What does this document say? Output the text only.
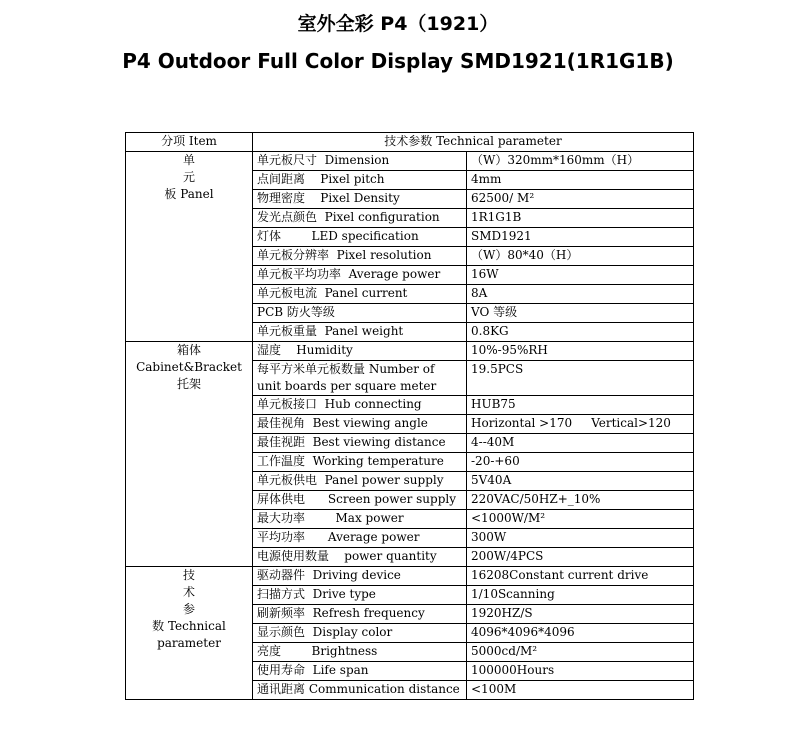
室外全彩 P4（1921）
P4 Outdoor Full Color Display SMD1921(1R1G1B)
分项 Item	技术参数 Technical parameter	

单
元
板 Panel	单元板尺寸  Dimension	（W）320mm*160mm（H）
	点间距离    Pixel pitch	4mm
	物理密度    Pixel Density	62500/ M²
	发光点颜色  Pixel configuration	1R1G1B
	灯体        LED specification	SMD1921
	单元板分辨率  Pixel resolution	（W）80*40（H）
	单元板平均功率  Average power	16W
	单元板电流  Panel current	8A
	PCB 防火等级	VO 等级
	单元板重量  Panel weight	0.8KG

箱体
Cabinet&Bracket
托架	湿度    Humidity	10%-95%RH
	每平方米单元板数量 Number of unit boards per square meter	19.5PCS
	单元板接口  Hub connecting	HUB75
	最佳视角  Best viewing angle	Horizontal >170     Vertical>120
	最佳视距  Best viewing distance	4--40M
	工作温度  Working temperature	-20-+60
	单元板供电  Panel power supply	5V40A
	屏体供电      Screen power supply	220VAC/50HZ+_10%
	最大功率        Max power	<1000W/M²
	平均功率      Average power	300W
	电源使用数量    power quantity	200W/4PCS

技
术
参
数 Technical
parameter	驱动器件  Driving device	16208Constant current drive
	扫描方式  Drive type	1/10Scanning
	刷新频率  Refresh frequency	1920HZ/S
	显示颜色  Display color	4096*4096*4096
	亮度        Brightness	5000cd/M²
	使用寿命  Life span	100000Hours
	通讯距离 Communication distance	<100M
